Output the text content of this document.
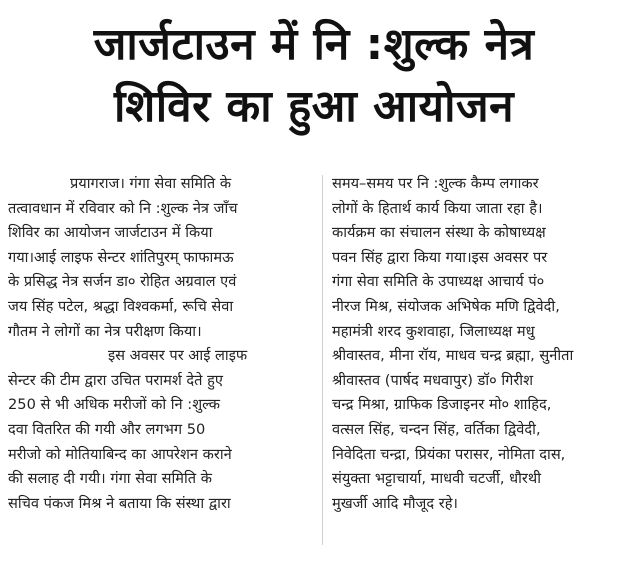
जार्जटाउन में नि :शुल्क नेत्र
शिविर का हुआ आयोजन
प्रयागराज। गंगा सेवा समिति के
तत्वावधान में रविवार को नि :शुल्क नेत्र जाँच
शिविर का आयोजन जार्जटाउन में किया
गया।आई लाइफ सेन्टर शांतिपुरम् फाफामऊ
के प्रसिद्ध नेत्र सर्जन डा० रोहित अग्रवाल एवं
जय सिंह पटेल, श्रद्धा विश्वकर्मा, रूचि सेवा
गौतम ने लोगों का नेत्र परीक्षण किया।
इस अवसर पर आई लाइफ
सेन्टर की टीम द्वारा उचित परामर्श देते हुए
250 से भी अधिक मरीजों को नि :शुल्क
दवा वितरित की गयी और लगभग 50
मरीजो को मोतियाबिन्द का आपरेशन कराने
की सलाह दी गयी। गंगा सेवा समिति के
सचिव पंकज मिश्र ने बताया कि संस्था द्वारा
समय–समय पर नि :शुल्क कैम्प लगाकर
लोगों के हितार्थ कार्य किया जाता रहा है।
कार्यक्रम का संचालन संस्था के कोषाध्यक्ष
पवन सिंह द्वारा किया गया।इस अवसर पर
गंगा सेवा समिति के उपाध्यक्ष आचार्य पं०
नीरज मिश्र, संयोजक अभिषेक मणि द्विवेदी,
महामंत्री शरद कुशवाहा, जिलाध्यक्ष मधु
श्रीवास्तव, मीना रॉय, माधव चन्द्र ब्रह्मा, सुनीता
श्रीवास्तव (पार्षद मधवापुर) डॉ० गिरीश
चन्द्र मिश्रा, ग्राफिक डिजाइनर मो० शाहिद,
वत्सल सिंह, चन्दन सिंह, वर्तिका द्विवेदी,
निवेदिता चन्द्रा, प्रियंका परासर, नोमिता दास,
संयुक्ता भट्टाचार्या, माधवी चटर्जी, धौरथी
मुखर्जी आदि मौजूद रहे।
